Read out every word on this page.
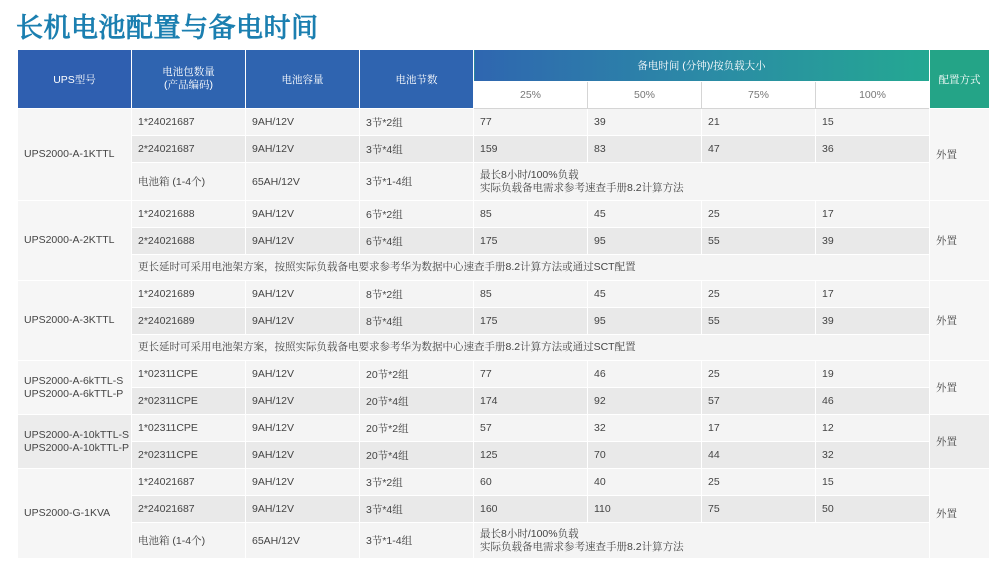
长机电池配置与备电时间
UPS型号	电池包数量
(产品编码)	电池容量	电池节数	备电时间 (分钟)/按负载大小				配置方式
				25%	50%	75%	100%	

UPS2000-A-1KTTL	1*24021687	9AH/12V	3节*2组	77	39	21	15	外置
	2*24021687	9AH/12V	3节*4组	159	83	47	36	
	电池箱 (1-4个)	65AH/12V	3节*1-4组	最长8小时/100%负载
实际负载备电需求参考速查手册8.2计算方法				

UPS2000-A-2KTTL	1*24021688	9AH/12V	6节*2组	85	45	25	17	外置
	2*24021688	9AH/12V	6节*4组	175	95	55	39	
	更长延时可采用电池架方案，按照实际负载备电要求参考华为数据中心速查手册8.2计算方法或通过SCT配置							

UPS2000-A-3KTTL	1*24021689	9AH/12V	8节*2组	85	45	25	17	外置
	2*24021689	9AH/12V	8节*4组	175	95	55	39	
	更长延时可采用电池架方案，按照实际负载备电要求参考华为数据中心速查手册8.2计算方法或通过SCT配置							

UPS2000-A-6kTTL-S
UPS2000-A-6kTTL-P	1*02311CPE	9AH/12V	20节*2组	77	46	25	19	外置
	2*02311CPE	9AH/12V	20节*4组	174	92	57	46	

UPS2000-A-10kTTL-S
UPS2000-A-10kTTL-P	1*02311CPE	9AH/12V	20节*2组	57	32	17	12	外置
	2*02311CPE	9AH/12V	20节*4组	125	70	44	32	

UPS2000-G-1KVA	1*24021687	9AH/12V	3节*2组	60	40	25	15	外置
	2*24021687	9AH/12V	3节*4组	160	110	75	50	
	电池箱 (1-4个)	65AH/12V	3节*1-4组	最长8小时/100%负载
实际负载备电需求参考速查手册8.2计算方法				
